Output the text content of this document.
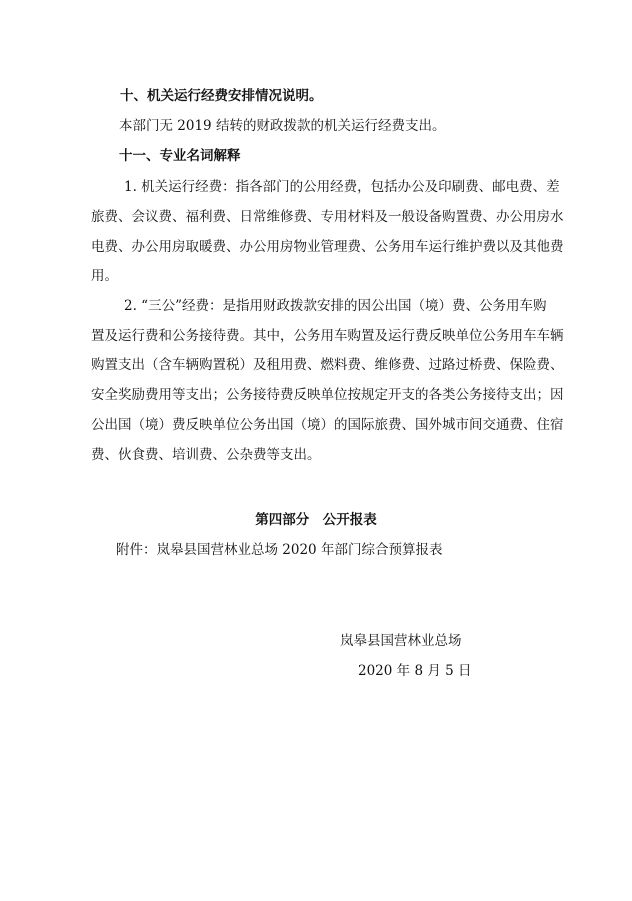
十、机关运行经费安排情况说明。
本部门无 2019 结转的财政拨款的机关运行经费支出。
十一、专业名词解释
1. 机关运行经费：指各部门的公用经费，包括办公及印刷费、邮电费、差
旅费、会议费、福利费、日常维修费、专用材料及一般设备购置费、办公用房水
电费、办公用房取暖费、办公用房物业管理费、公务用车运行维护费以及其他费
用。
2. “三公”经费：是指用财政拨款安排的因公出国（境）费、公务用车购
置及运行费和公务接待费。其中，公务用车购置及运行费反映单位公务用车车辆
购置支出（含车辆购置税）及租用费、燃料费、维修费、过路过桥费、保险费、
安全奖励费用等支出；公务接待费反映单位按规定开支的各类公务接待支出；因
公出国（境）费反映单位公务出国（境）的国际旅费、国外城市间交通费、住宿
费、伙食费、培训费、公杂费等支出。
第四部分　公开报表
附件：岚皋县国营林业总场 2020 年部门综合预算报表
岚皋县国营林业总场
2020 年 8 月 5 日
